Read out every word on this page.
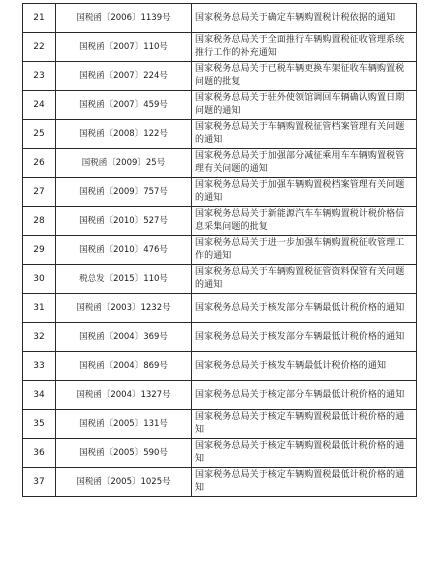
21	国税函〔2006〕1139号	国家税务总局关于确定车辆购置税计税依据的通知
22	国税函〔2007〕110号	国家税务总局关于全面推行车辆购置税征收管理系统推行工作的补充通知
23	国税函〔2007〕224号	国家税务总局关于已税车辆更换车架征收车辆购置税问题的批复
24	国税函〔2007〕459号	国家税务总局关于驻外使领馆调回车辆确认购置日期问题的通知
25	国税函〔2008〕122号	国家税务总局关于车辆购置税征管档案管理有关问题的通知
26	国税函〔2009〕25号	国家税务总局关于加强部分减征乘用车车辆购置税管理有关问题的通知
27	国税函〔2009〕757号	国家税务总局关于加强车辆购置税档案管理有关问题的通知
28	国税函〔2010〕527号	国家税务总局关于新能源汽车车辆购置税计税价格信息采集问题的批复
29	国税函〔2010〕476号	国家税务总局关于进一步加强车辆购置税征收管理工作的通知
30	税总发〔2015〕110号	国家税务总局关于车辆购置税征管资料保管有关问题的通知
31	国税函〔2003〕1232号	国家税务总局关于核发部分车辆最低计税价格的通知
32	国税函〔2004〕369号	国家税务总局关于核发部分车辆最低计税价格的通知
33	国税函〔2004〕869号	国家税务总局关于核发车辆最低计税价格的通知
34	国税函〔2004〕1327号	国家税务总局关于核定部分车辆最低计税价格的通知
35	国税函〔2005〕131号	国家税务总局关于核定车辆购置税最低计税价格的通知
36	国税函〔2005〕590号	国家税务总局关于核定车辆购置税最低计税价格的通知
37	国税函〔2005〕1025号	国家税务总局关于核定车辆购置税最低计税价格的通知
